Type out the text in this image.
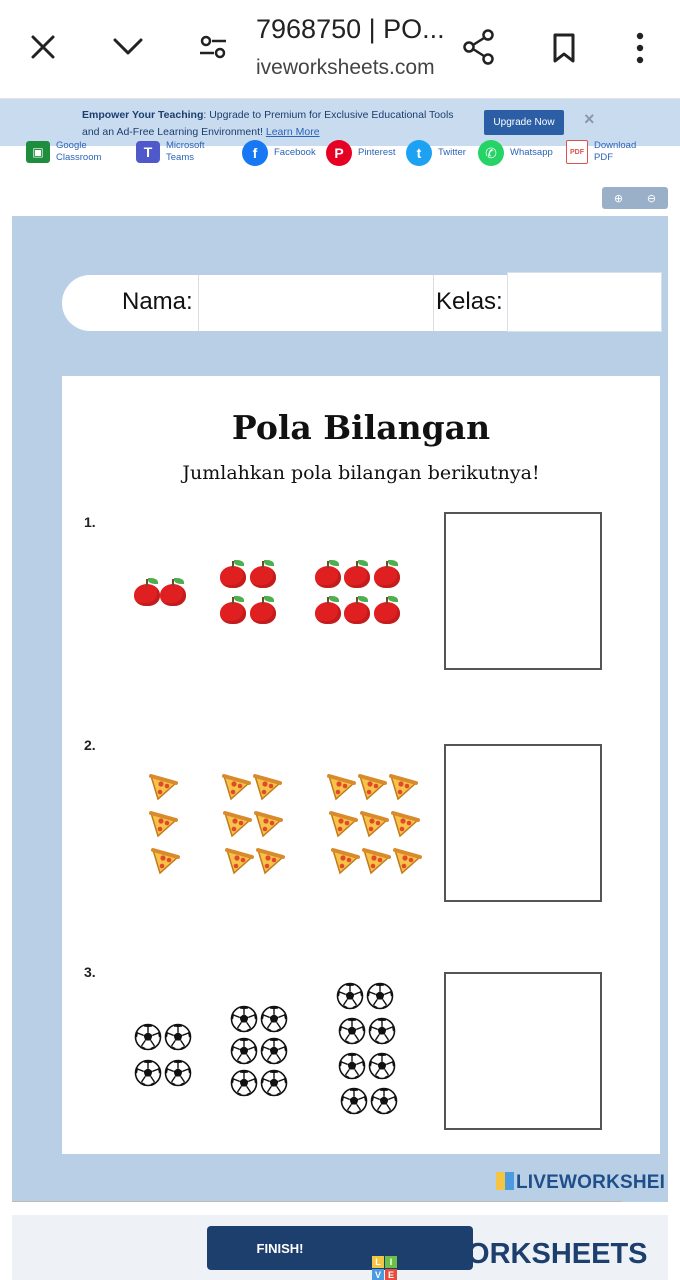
7968750 | PO...
iveworksheets.com
Empower Your Teaching: Upgrade to Premium for Exclusive Educational Tools and an Ad-Free Learning Environment! Learn More
Upgrade Now	×
▣	Google Classroom	T	Microsoft Teams	f	Facebook	P	Pinterest	t	Twitter	✆	Whatsapp	PDF
Download PDF
⊕ ⊖
Nama:	Kelas:
Pola Bilangan
Jumlahkan pola bilangan berikutnya!
1.
2.
3.
LIVEWORKSHEI
FINISH!
L I
V E
VEWORKSHEETS
